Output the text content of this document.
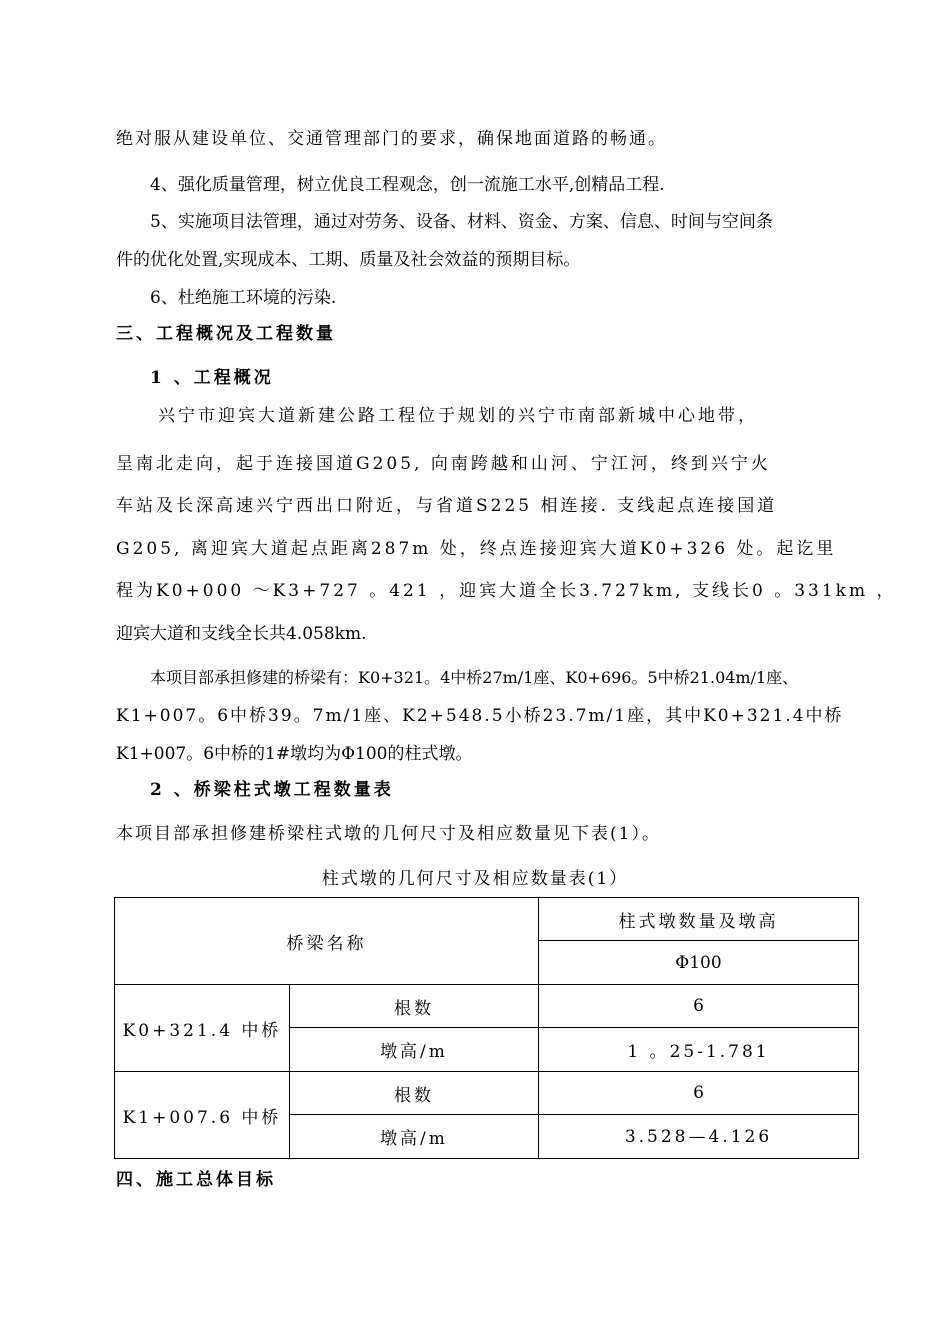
绝对服从建设单位、交通管理部门的要求，确保地面道路的畅通。
4、强化质量管理，树立优良工程观念，创一流施工水平,创精品工程.
5、实施项目法管理，通过对劳务、设备、材料、资金、方案、信息、时间与空间条
件的优化处置,实现成本、工期、质量及社会效益的预期目标。
6、杜绝施工环境的污染.
三、工程概况及工程数量
1 、工程概况
兴宁市迎宾大道新建公路工程位于规划的兴宁市南部新城中心地带，
呈南北走向，起于连接国道G205, 向南跨越和山河、宁江河，终到兴宁火
车站及长深高速兴宁西出口附近，与省道S225 相连接. 支线起点连接国道
G205, 离迎宾大道起点距离287m 处，终点连接迎宾大道K0+326 处。起讫里
程为K0+000 ～K3+727 。421 ，迎宾大道全长3.727km, 支线长0 。331km ，
迎宾大道和支线全长共4.058km.
本项目部承担修建的桥梁有：K0+321。4中桥27m/1座、K0+696。5中桥21.04m/1座、
K1+007。6中桥39。7m/1座、K2+548.5小桥23.7m/1座，其中K0+321.4中桥
K1+007。6中桥的1#墩均为Φ100的柱式墩。
2 、桥梁柱式墩工程数量表
本项目部承担修建桥梁柱式墩的几何尺寸及相应数量见下表(1）。
柱式墩的几何尺寸及相应数量表(1）
桥梁名称		柱式墩数量及墩高
		Φ100
K0+321.4 中桥	根数	6
	墩高/m	1 。25-1.781
K1+007.6 中桥	根数	6
	墩高/m	3.528—4.126
四、施工总体目标
